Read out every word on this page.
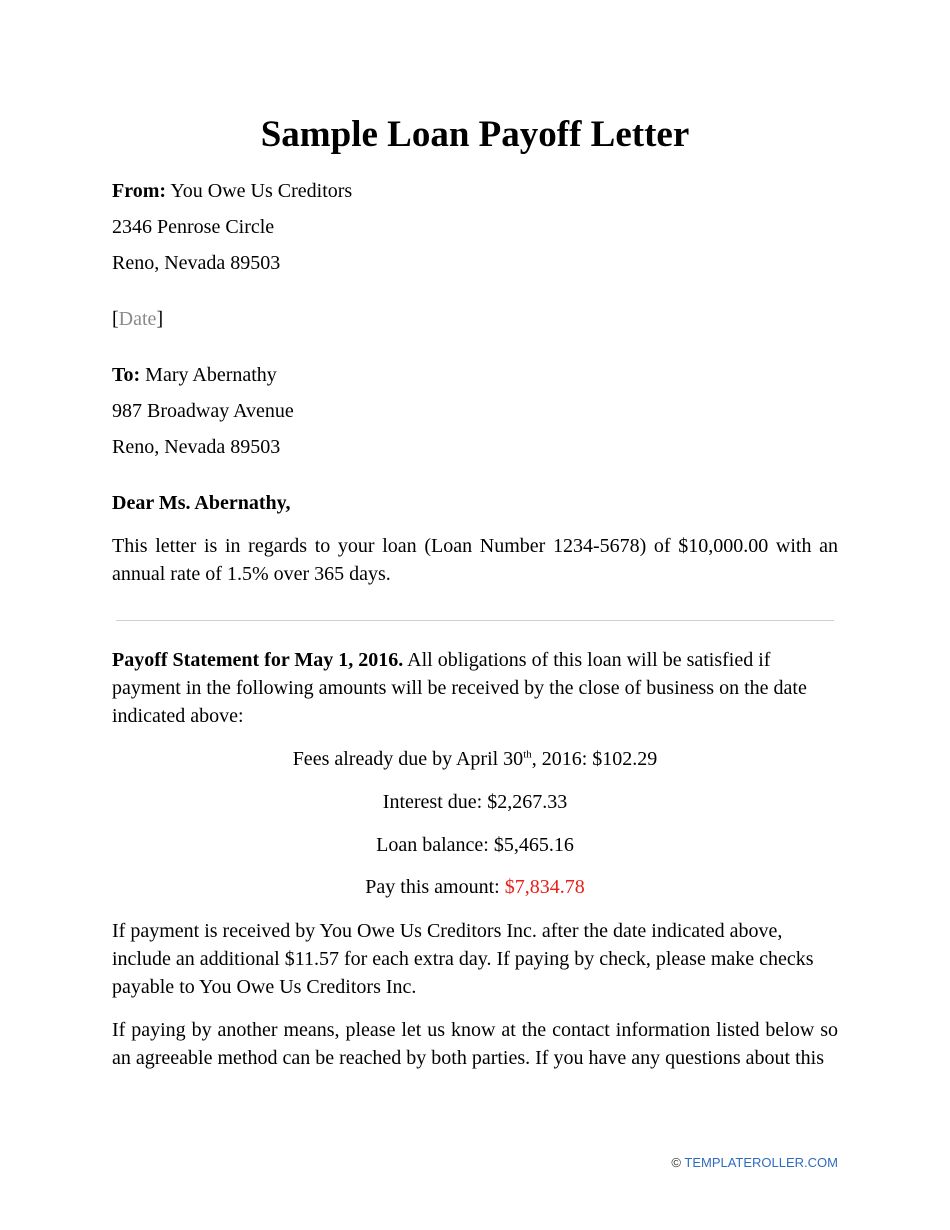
Sample Loan Payoff Letter
From: You Owe Us Creditors
2346 Penrose Circle
Reno, Nevada 89503
[Date]
To: Mary Abernathy
987 Broadway Avenue
Reno, Nevada 89503
Dear Ms. Abernathy,

This letter is in regards to your loan (Loan Number 1234-5678) of $10,000.00 with an annual rate of 1.5% over 365 days.

Payoff Statement for May 1, 2016. All obligations of this loan will be satisfied if payment in the following amounts will be received by the close of business on the date indicated above:

Fees already due by April 30th, 2016: $102.29
Interest due: $2,267.33
Loan balance: $5,465.16
Pay this amount: $7,834.78

If payment is received by You Owe Us Creditors Inc. after the date indicated above, include an additional $11.57 for each extra day. If paying by check, please make checks payable to You Owe Us Creditors Inc.

If paying by another means, please let us know at the contact information listed below so an agreeable method can be reached by both parties. If you have any questions about this

© TEMPLATEROLLER.COM
